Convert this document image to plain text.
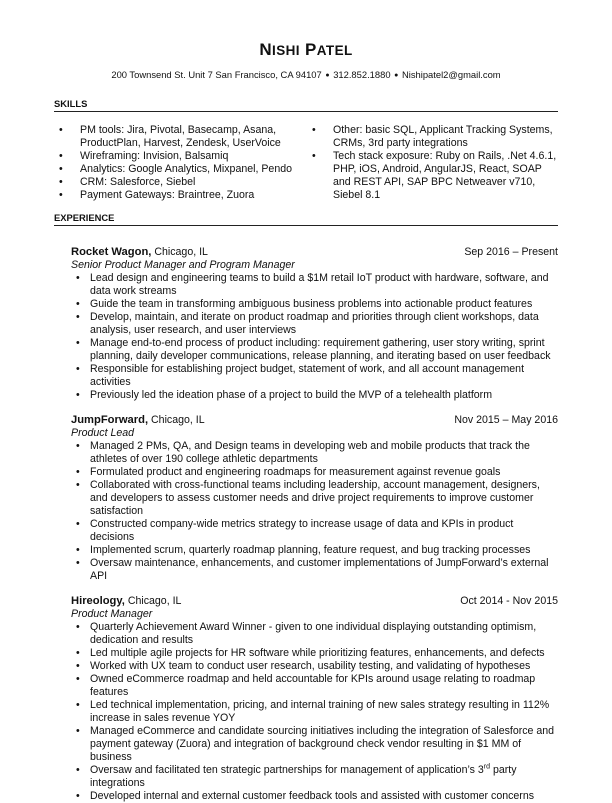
NISHI PATEL
200 Townsend St. Unit 7 San Francisco, CA 94107 ● 312.852.1880 ● Nishipatel2@gmail.com
SKILLS
• PM tools: Jira, Pivotal, Basecamp, Asana, ProductPlan, Harvest, Zendesk, UserVoice
• Wireframing: Invision, Balsamiq
• Analytics: Google Analytics, Mixpanel, Pendo
• CRM: Salesforce, Siebel
• Payment Gateways: Braintree, Zuora
• Other: basic SQL, Applicant Tracking Systems, CRMs, 3rd party integrations
• Tech stack exposure: Ruby on Rails, .Net 4.6.1, PHP, iOS, Android, AngularJS, React, SOAP and REST API, SAP BPC Netweaver v710, Siebel 8.1
EXPERIENCE
Rocket Wagon, Chicago, IL	Sep 2016 – Present
Senior Product Manager and Program Manager
• Lead design and engineering teams to build a $1M retail IoT product with hardware, software, and data work streams
• Guide the team in transforming ambiguous business problems into actionable product features
• Develop, maintain, and iterate on product roadmap and priorities through client workshops, data analysis, user research, and user interviews
• Manage end-to-end process of product including: requirement gathering, user story writing, sprint planning, daily developer communications, release planning, and iterating based on user feedback
• Responsible for establishing project budget, statement of work, and all account management activities
• Previously led the ideation phase of a project to build the MVP of a telehealth platform
JumpForward, Chicago, IL	Nov 2015 – May 2016
Product Lead
• Managed 2 PMs, QA, and Design teams in developing web and mobile products that track the athletes of over 190 college athletic departments
• Formulated product and engineering roadmaps for measurement against revenue goals
• Collaborated with cross-functional teams including leadership, account management, designers, and developers to assess customer needs and drive project requirements to improve customer satisfaction
• Constructed company-wide metrics strategy to increase usage of data and KPIs in product decisions
• Implemented scrum, quarterly roadmap planning, feature request, and bug tracking processes
• Oversaw maintenance, enhancements, and customer implementations of JumpForward’s external API
Hireology, Chicago, IL	Oct 2014 - Nov 2015
Product Manager
• Quarterly Achievement Award Winner - given to one individual displaying outstanding optimism, dedication and results
• Led multiple agile projects for HR software while prioritizing features, enhancements, and defects
• Worked with UX team to conduct user research, usability testing, and validating of hypotheses
• Owned eCommerce roadmap and held accountable for KPIs around usage relating to roadmap features
• Led technical implementation, pricing, and internal training of new sales strategy resulting in 112% increase in sales revenue YOY
• Managed eCommerce and candidate sourcing initiatives including the integration of Salesforce and payment gateway (Zuora) and integration of background check vendor resulting in $1 MM of business
• Oversaw and facilitated ten strategic partnerships for management of application’s 3rd party integrations
• Developed internal and external customer feedback tools and assisted with customer concerns
